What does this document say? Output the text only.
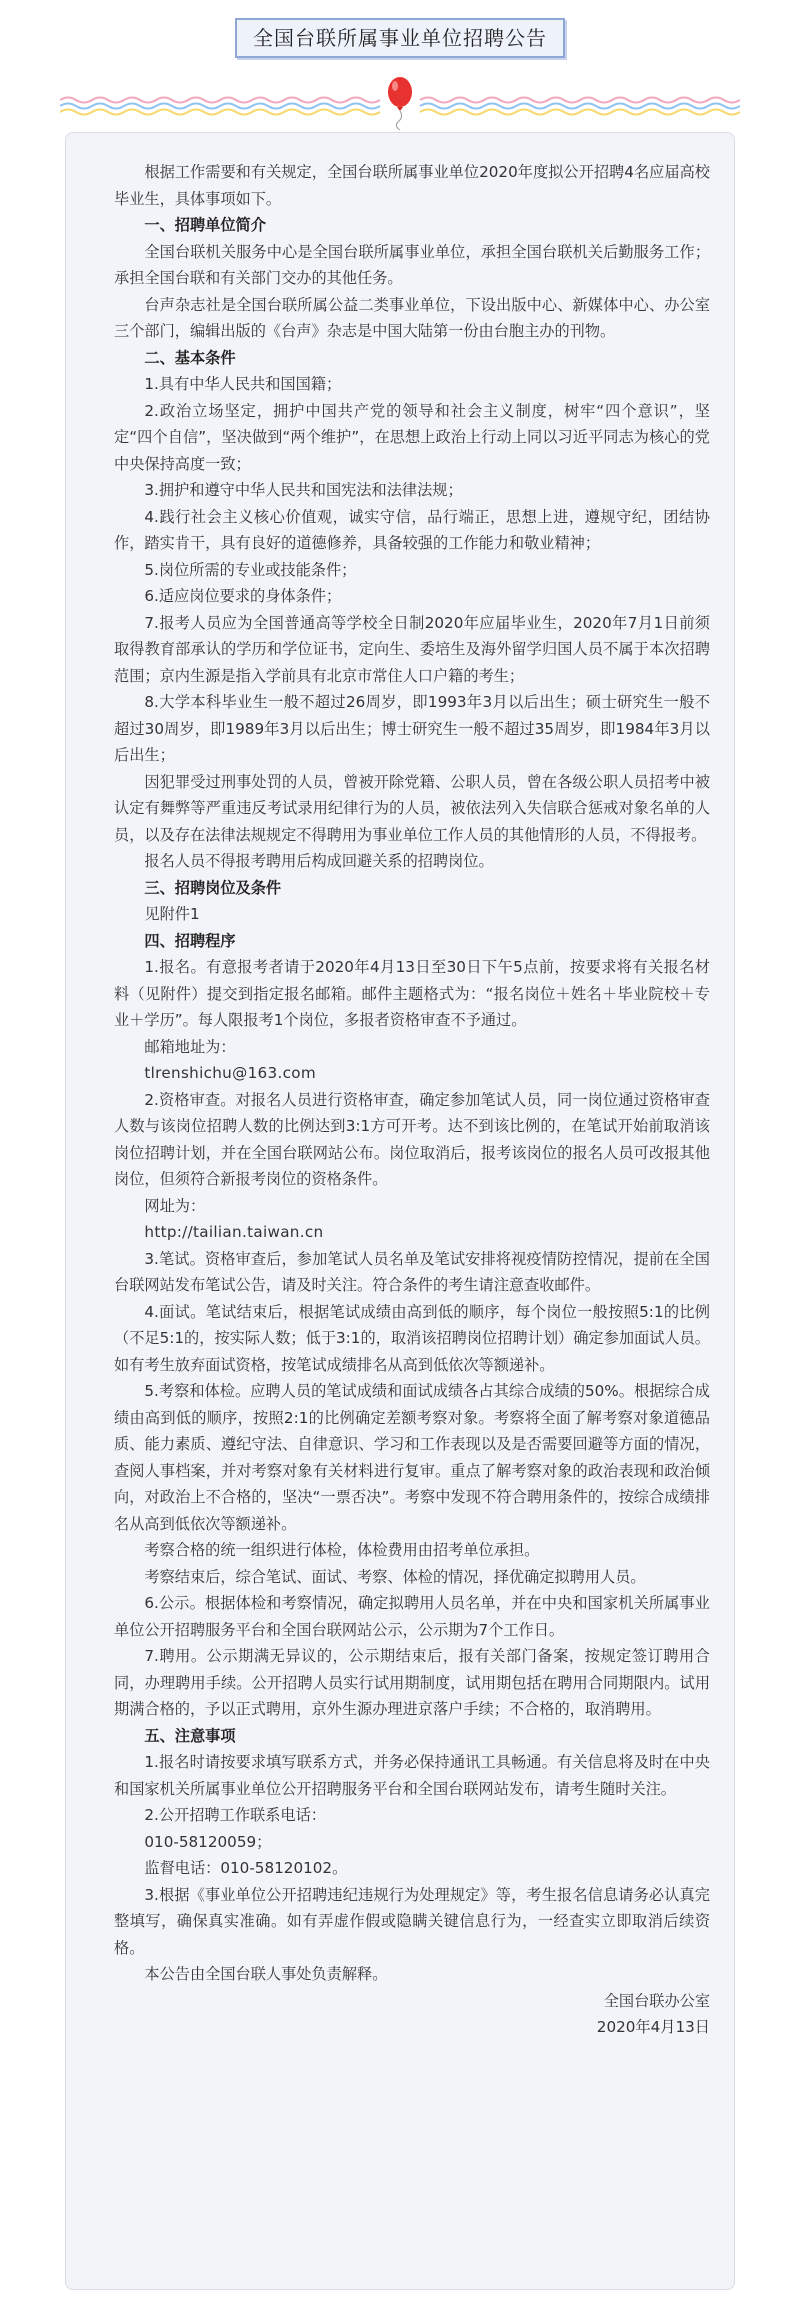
全国台联所属事业单位招聘公告

根据工作需要和有关规定，全国台联所属事业单位2020年度拟公开招聘4名应届高校毕业生，具体事项如下。

一、招聘单位简介

全国台联机关服务中心是全国台联所属事业单位，承担全国台联机关后勤服务工作；承担全国台联和有关部门交办的其他任务。

台声杂志社是全国台联所属公益二类事业单位，下设出版中心、新媒体中心、办公室三个部门，编辑出版的《台声》杂志是中国大陆第一份由台胞主办的刊物。

二、基本条件

1.具有中华人民共和国国籍；

2.政治立场坚定，拥护中国共产党的领导和社会主义制度，树牢“四个意识”，坚定“四个自信”，坚决做到“两个维护”，在思想上政治上行动上同以习近平同志为核心的党中央保持高度一致；

3.拥护和遵守中华人民共和国宪法和法律法规；

4.践行社会主义核心价值观，诚实守信，品行端正，思想上进，遵规守纪，团结协作，踏实肯干，具有良好的道德修养，具备较强的工作能力和敬业精神；

5.岗位所需的专业或技能条件；

6.适应岗位要求的身体条件；

7.报考人员应为全国普通高等学校全日制2020年应届毕业生，2020年7月1日前须取得教育部承认的学历和学位证书，定向生、委培生及海外留学归国人员不属于本次招聘范围；京内生源是指入学前具有北京市常住人口户籍的考生；

8.大学本科毕业生一般不超过26周岁，即1993年3月以后出生；硕士研究生一般不超过30周岁，即1989年3月以后出生；博士研究生一般不超过35周岁，即1984年3月以后出生；

因犯罪受过刑事处罚的人员，曾被开除党籍、公职人员，曾在各级公职人员招考中被认定有舞弊等严重违反考试录用纪律行为的人员，被依法列入失信联合惩戒对象名单的人员，以及存在法律法规规定不得聘用为事业单位工作人员的其他情形的人员，不得报考。

报名人员不得报考聘用后构成回避关系的招聘岗位。

三、招聘岗位及条件

见附件1

四、招聘程序

1.报名。有意报考者请于2020年4月13日至30日下午5点前，按要求将有关报名材料（见附件）提交到指定报名邮箱。邮件主题格式为：“报名岗位＋姓名＋毕业院校＋专业＋学历”。每人限报考1个岗位，多报者资格审查不予通过。

邮箱地址为：

tlrenshichu@163.com

2.资格审查。对报名人员进行资格审查，确定参加笔试人员，同一岗位通过资格审查人数与该岗位招聘人数的比例达到3:1方可开考。达不到该比例的，在笔试开始前取消该岗位招聘计划，并在全国台联网站公布。岗位取消后，报考该岗位的报名人员可改报其他岗位，但须符合新报考岗位的资格条件。

网址为：

http://tailian.taiwan.cn

3.笔试。资格审查后，参加笔试人员名单及笔试安排将视疫情防控情况，提前在全国台联网站发布笔试公告，请及时关注。符合条件的考生请注意查收邮件。

4.面试。笔试结束后，根据笔试成绩由高到低的顺序，每个岗位一般按照5:1的比例（不足5:1的，按实际人数；低于3:1的，取消该招聘岗位招聘计划）确定参加面试人员。如有考生放弃面试资格，按笔试成绩排名从高到低依次等额递补。

5.考察和体检。应聘人员的笔试成绩和面试成绩各占其综合成绩的50%。根据综合成绩由高到低的顺序，按照2:1的比例确定差额考察对象。考察将全面了解考察对象道德品质、能力素质、遵纪守法、自律意识、学习和工作表现以及是否需要回避等方面的情况，查阅人事档案，并对考察对象有关材料进行复审。重点了解考察对象的政治表现和政治倾向，对政治上不合格的，坚决“一票否决”。考察中发现不符合聘用条件的，按综合成绩排名从高到低依次等额递补。

考察合格的统一组织进行体检，体检费用由招考单位承担。

考察结束后，综合笔试、面试、考察、体检的情况，择优确定拟聘用人员。

6.公示。根据体检和考察情况，确定拟聘用人员名单，并在中央和国家机关所属事业单位公开招聘服务平台和全国台联网站公示，公示期为7个工作日。

7.聘用。公示期满无异议的，公示期结束后，报有关部门备案，按规定签订聘用合同，办理聘用手续。公开招聘人员实行试用期制度，试用期包括在聘用合同期限内。试用期满合格的，予以正式聘用，京外生源办理进京落户手续；不合格的，取消聘用。

五、注意事项

1.报名时请按要求填写联系方式，并务必保持通讯工具畅通。有关信息将及时在中央和国家机关所属事业单位公开招聘服务平台和全国台联网站发布，请考生随时关注。

2.公开招聘工作联系电话：

010-58120059；

监督电话：010-58120102。

3.根据《事业单位公开招聘违纪违规行为处理规定》等，考生报名信息请务必认真完整填写，确保真实准确。如有弄虚作假或隐瞒关键信息行为，一经查实立即取消后续资格。

本公告由全国台联人事处负责解释。

全国台联办公室

2020年4月13日
